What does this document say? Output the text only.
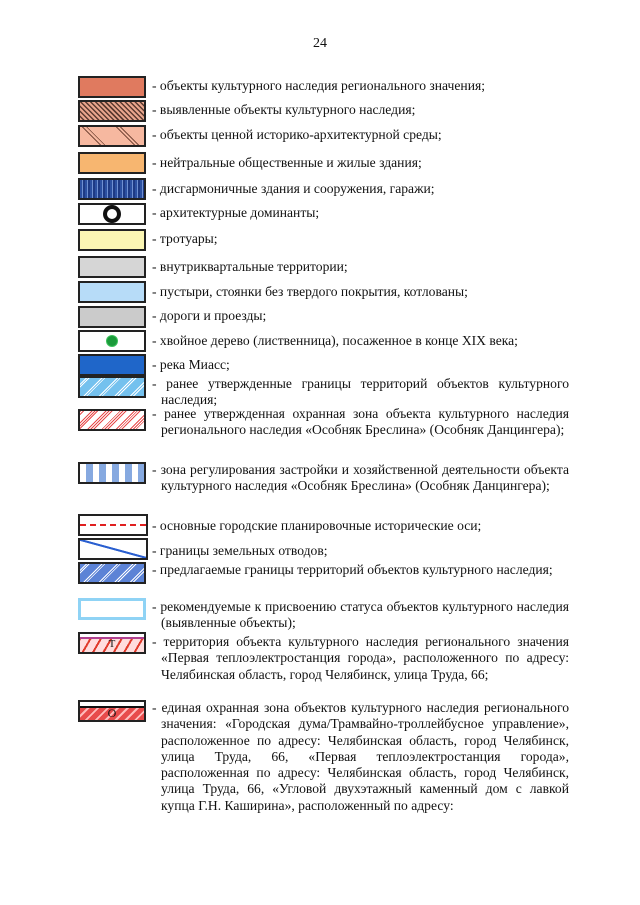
24
- объекты культурного наследия регионального значения;
- выявленные объекты культурного наследия;
- объекты ценной историко-архитектурной среды;
- нейтральные общественные и жилые здания;
- дисгармоничные здания и сооружения, гаражи;
- архитектурные доминанты;
- тротуары;
- внутриквартальные территории;
- пустыри, стоянки без твердого покрытия, котлованы;
- дороги и проезды;
- хвойное дерево (лиственница), посаженное в конце XIX века;
- река Миасс;
- ранее утвержденные границы территорий объектов культурного наследия;
- ранее утвержденная охранная зона объекта культурного наследия регионального наследия «Особняк Бреслина» (Особняк Данцингера);
- зона регулирования застройки и хозяйственной деятельности объекта культурного наследия «Особняк Бреслина» (Особняк Данцингера);
- основные городские планировочные исторические оси;
- границы земельных отводов;
- предлагаемые границы территорий объектов культурного наследия;
- рекомендуемые к присвоению статуса объектов культурного наследия (выявленные объекты);
Т	- территория объекта культурного наследия регионального значения «Первая теплоэлектростанция города», расположенного по адресу: Челябинская область, город Челябинск, улица Труда, 66;
О	- единая охранная зона объектов культурного наследия регионального значения: «Городская дума/Трамвайно-троллейбусное управление», расположенное по адресу: Челябинская область, город Челябинск, улица Труда, 66, «Первая теплоэлектростанция города», расположенная по адресу: Челябинская область, город Челябинск, улица Труда, 66, «Угловой двухэтажный каменный дом с лавкой купца Г.Н. Каширина», расположенный по адресу:
